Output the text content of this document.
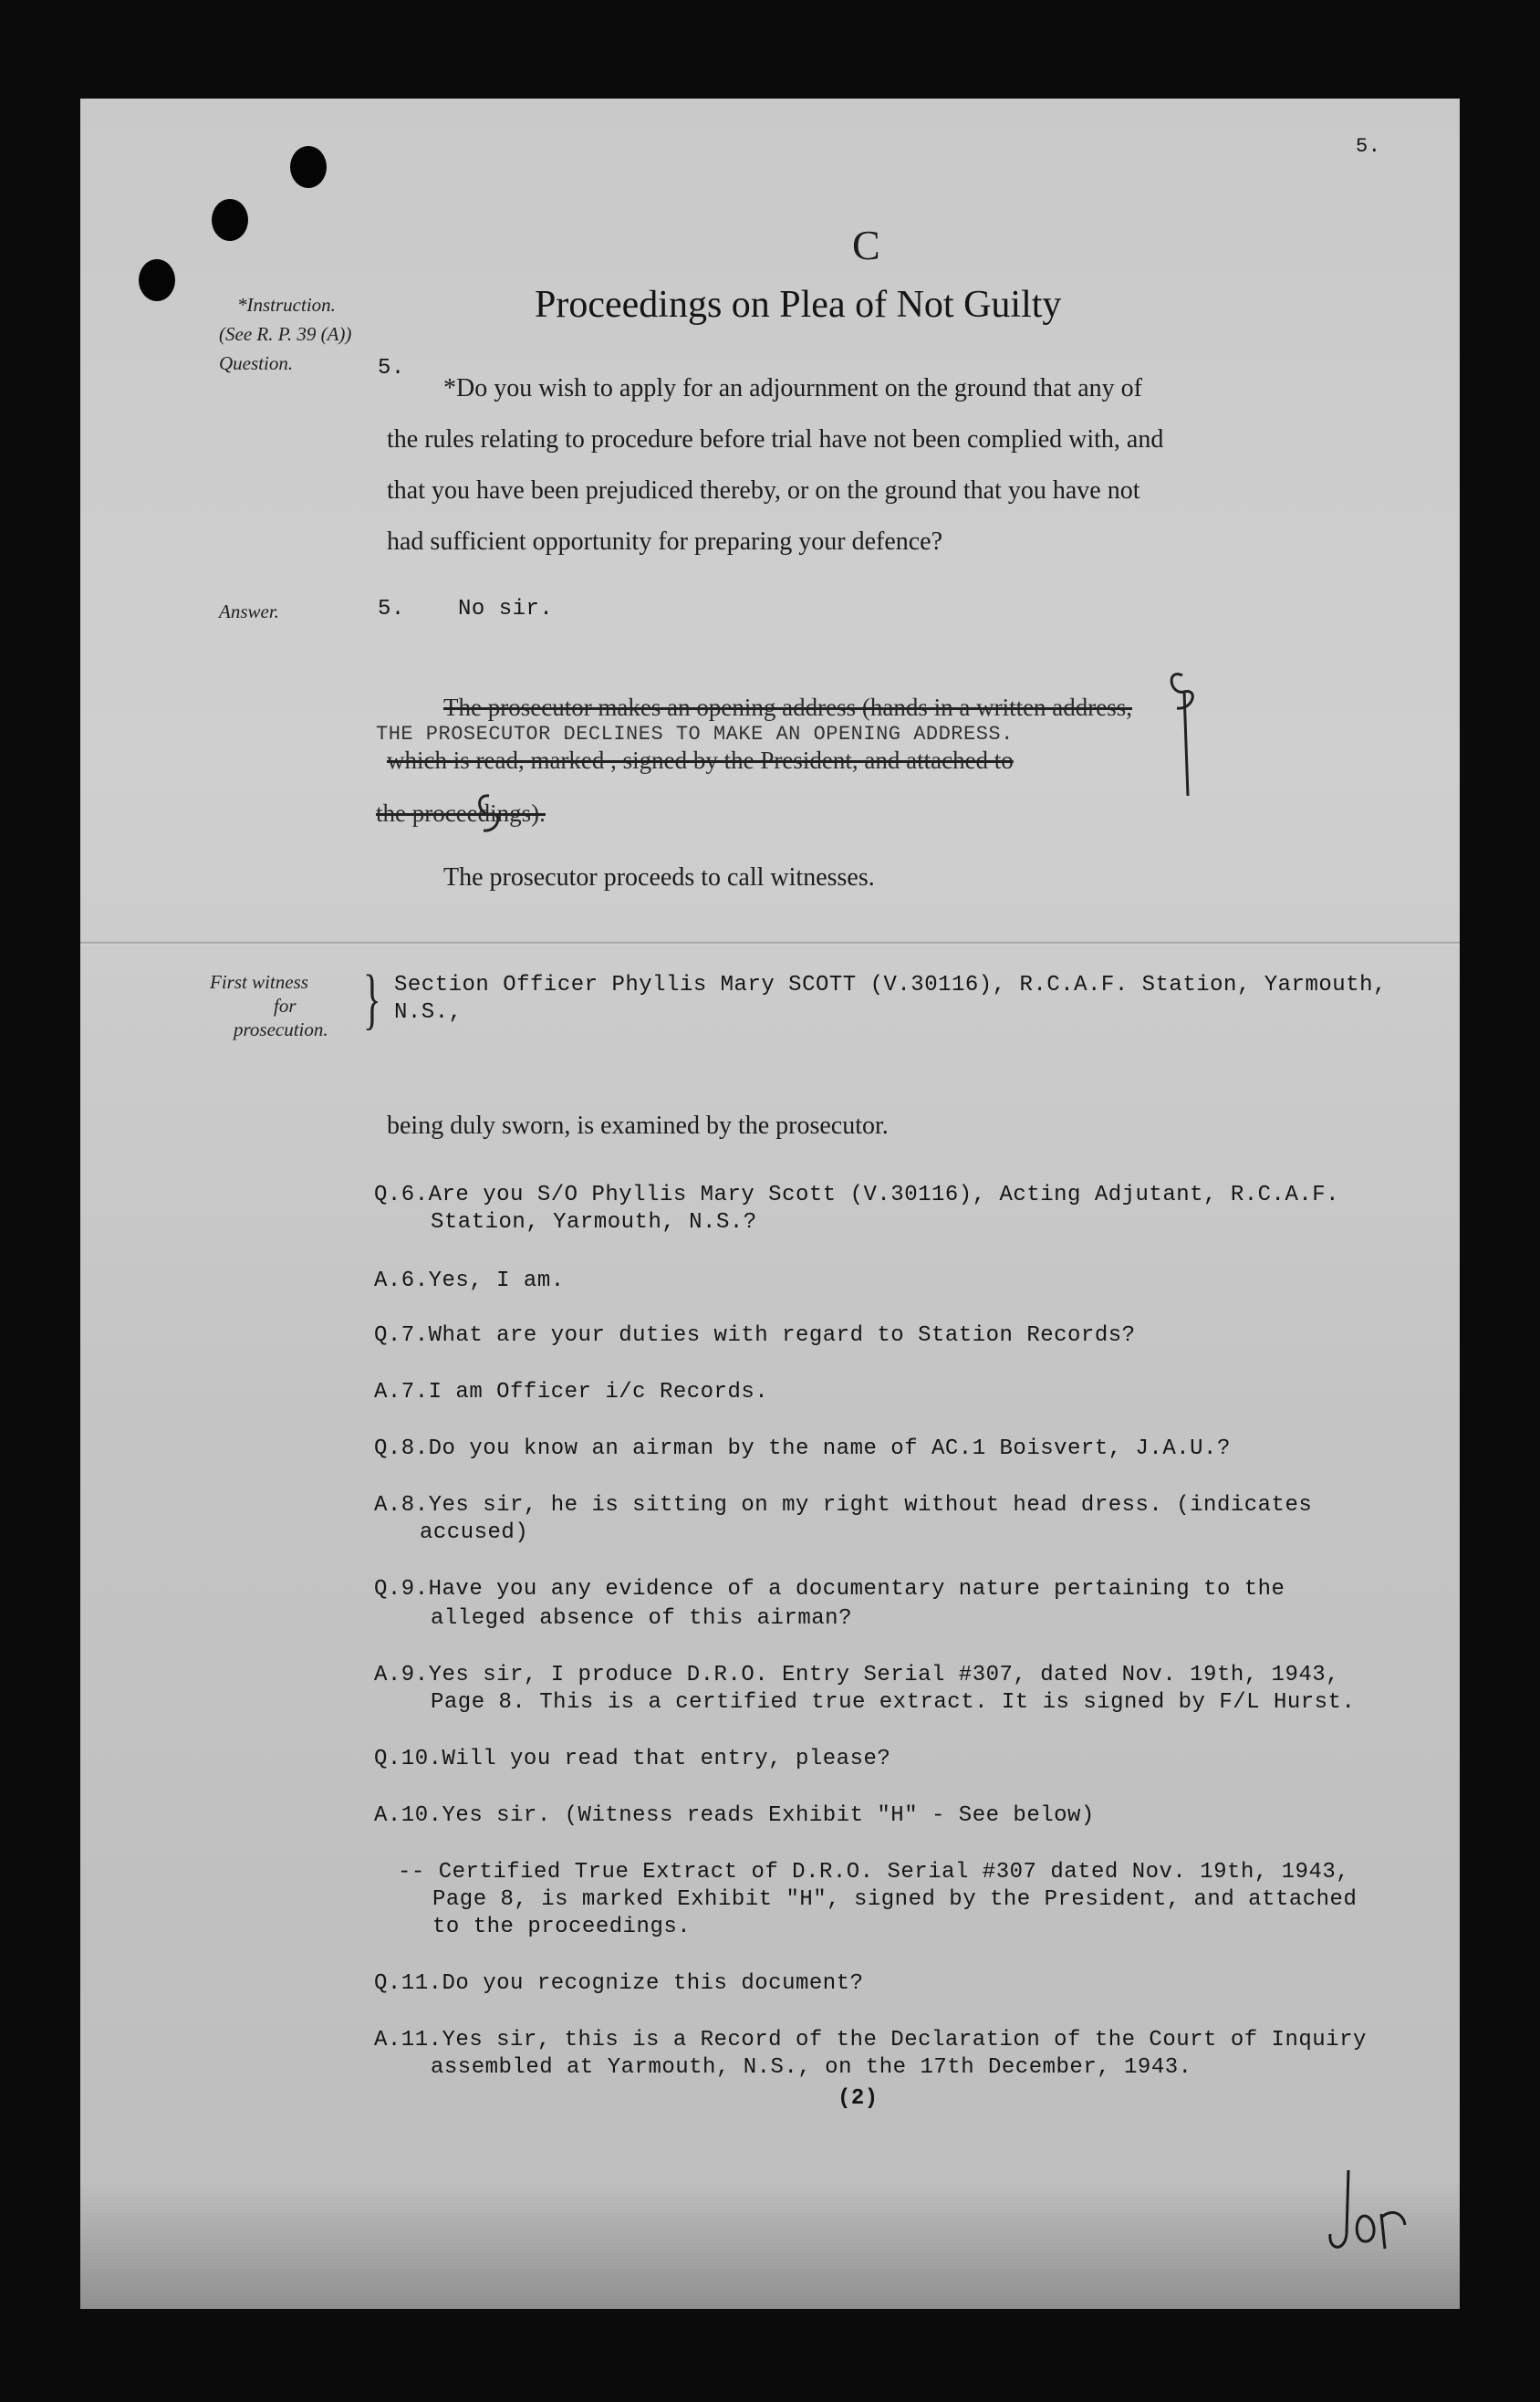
5.
C
Proceedings on Plea of Not Guilty
*Instruction.
(See R. P. 39 (A))
Question.	5.
*Do you wish to apply for an adjournment on the ground that any of
the rules relating to procedure before trial have not been complied with, and
that you have been prejudiced thereby, or on the ground that you have not
had sufficient opportunity for preparing your defence?
Answer.	5. No sir.
The prosecutor makes an opening address (hands in a written address,
THE PROSECUTOR DECLINES TO MAKE AN OPENING ADDRESS.
which is read, marked , signed by the President, and attached to
the proceedings).
The prosecutor proceeds to call witnesses.
First witness
for
prosecution. } Section Officer Phyllis Mary SCOTT (V.30116), R.C.A.F. Station, Yarmouth,
N.S.,
being duly sworn, is examined by the prosecutor.
Q.6.Are you S/O Phyllis Mary Scott (V.30116), Acting Adjutant, R.C.A.F.
Station, Yarmouth, N.S.?
A.6.Yes, I am.
Q.7.What are your duties with regard to Station Records?
A.7.I am Officer i/c Records.
Q.8.Do you know an airman by the name of AC.1 Boisvert, J.A.U.?
A.8.Yes sir, he is sitting on my right without head dress. (indicates
accused)
Q.9.Have you any evidence of a documentary nature pertaining to the
alleged absence of this airman?
A.9.Yes sir, I produce D.R.O. Entry Serial #307, dated Nov. 19th, 1943,
Page 8. This is a certified true extract. It is signed by F/L Hurst.
Q.10.Will you read that entry, please?
A.10.Yes sir. (Witness reads Exhibit "H" - See below)
-- Certified True Extract of D.R.O. Serial #307 dated Nov. 19th, 1943,
Page 8, is marked Exhibit "H", signed by the President, and attached
to the proceedings.
Q.11.Do you recognize this document?
A.11.Yes sir, this is a Record of the Declaration of the Court of Inquiry
assembled at Yarmouth, N.S., on the 17th December, 1943.
(2)
